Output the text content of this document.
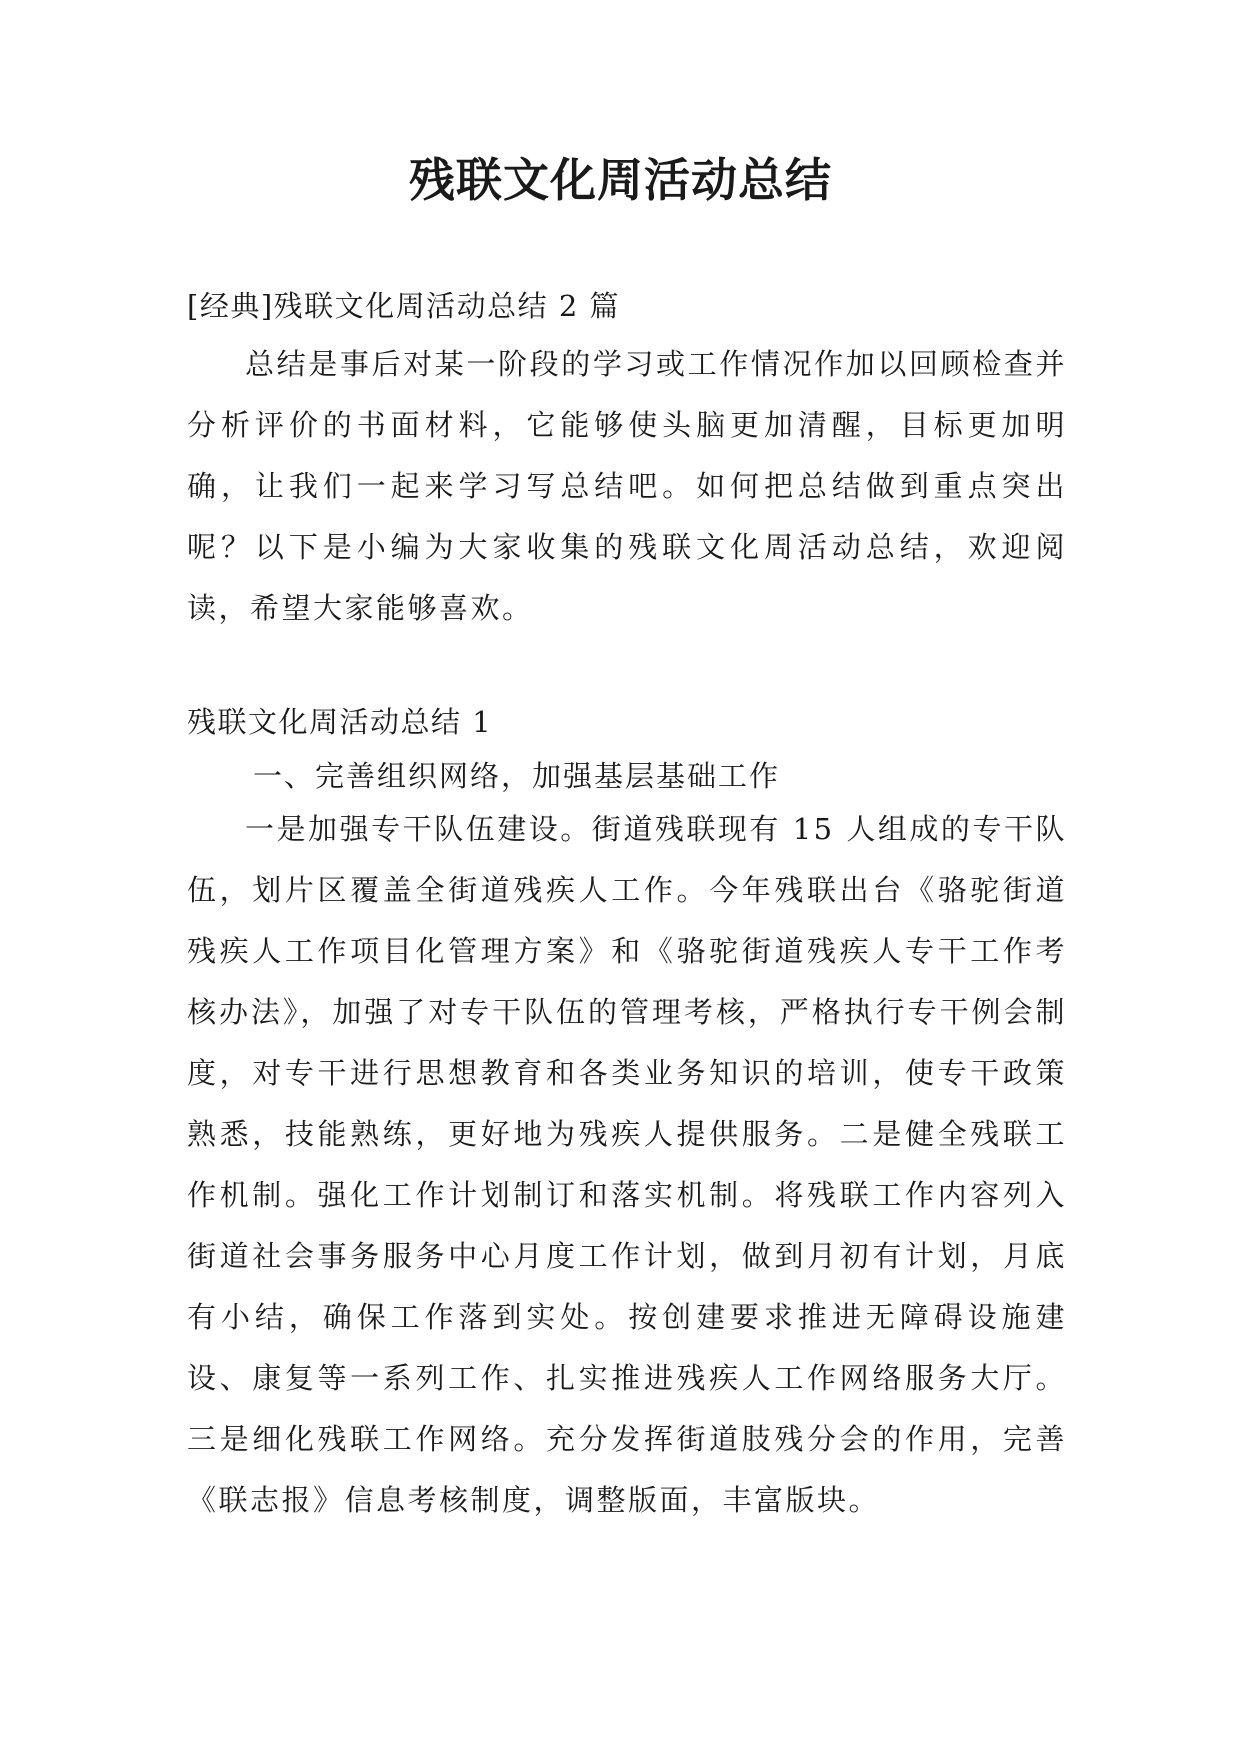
残联文化周活动总结
[经典]残联文化周活动总结 2 篇

总结是事后对某一阶段的学习或工作情况作加以回顾检查并分析评价的书面材料，它能够使头脑更加清醒，目标更加明确，让我们一起来学习写总结吧。如何把总结做到重点突出呢？以下是小编为大家收集的残联文化周活动总结，欢迎阅读，希望大家能够喜欢。

残联文化周活动总结 1
一、完善组织网络，加强基层基础工作

一是加强专干队伍建设。街道残联现有 15 人组成的专干队伍，划片区覆盖全街道残疾人工作。今年残联出台《骆驼街道残疾人工作项目化管理方案》和《骆驼街道残疾人专干工作考核办法》，加强了对专干队伍的管理考核，严格执行专干例会制度，对专干进行思想教育和各类业务知识的培训，使专干政策熟悉，技能熟练，更好地为残疾人提供服务。二是健全残联工作机制。强化工作计划制订和落实机制。将残联工作内容列入街道社会事务服务中心月度工作计划，做到月初有计划，月底有小结，确保工作落到实处。按创建要求推进无障碍设施建设、康复等一系列工作、扎实推进残疾人工作网络服务大厅。三是细化残联工作网络。充分发挥街道肢残分会的作用，完善《联志报》信息考核制度，调整版面，丰富版块。
